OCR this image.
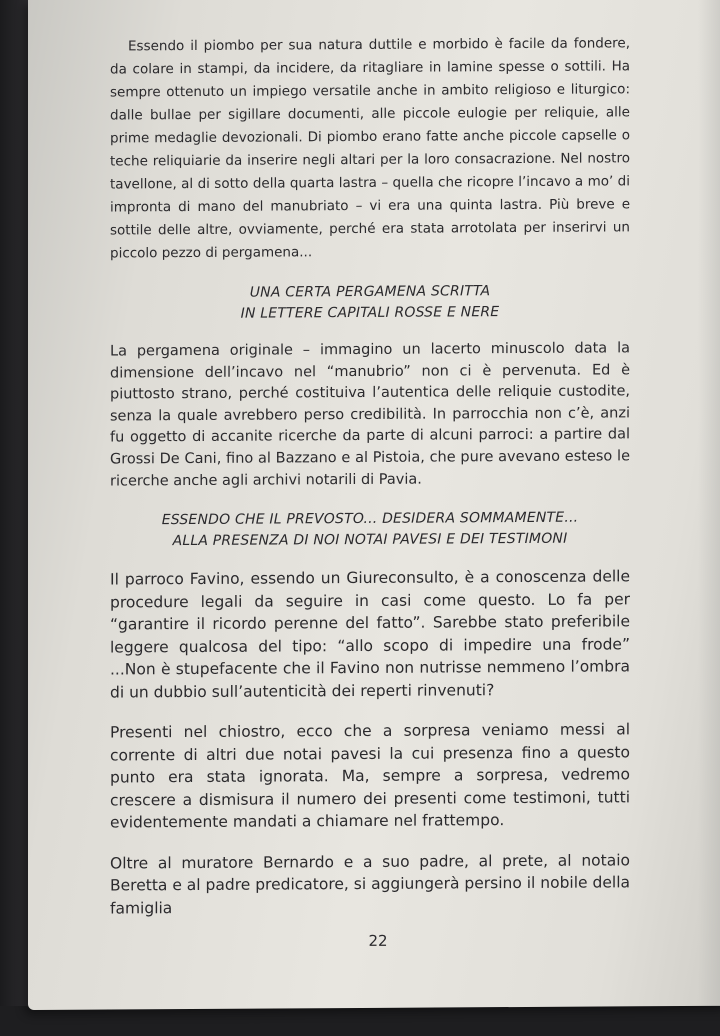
Essendo il piombo per sua natura duttile e morbido è facile da fondere, da colare in stampi, da incidere, da ritagliare in lamine spesse o sottili. Ha sempre ottenuto un impiego versatile anche in ambito religioso e liturgico: dalle bullae per sigillare documenti, alle piccole eulogie per reliquie, alle prime medaglie devozionali. Di piombo erano fatte anche piccole capselle o teche reliquiarie da inserire negli altari per la loro consacrazione. Nel nostro tavellone, al di sotto della quarta lastra – quella che ricopre l’incavo a mo’ di impronta di mano del manubriato – vi era una quinta lastra. Più breve e sottile delle altre, ovviamente, perché era stata arrotolata per inserirvi un piccolo pezzo di pergamena...

UNA CERTA PERGAMENA SCRITTA
IN LETTERE CAPITALI ROSSE E NERE

La pergamena originale – immagino un lacerto minuscolo data la dimensione dell’incavo nel “manubrio” non ci è pervenuta. Ed è piuttosto strano, perché costituiva l’autentica delle reliquie custodite, senza la quale avrebbero perso credibilità. In parrocchia non c’è, anzi fu oggetto di accanite ricerche da parte di alcuni parroci: a partire dal Grossi De Cani, fino al Bazzano e al Pistoia, che pure avevano esteso le ricerche anche agli archivi notarili di Pavia.

ESSENDO CHE IL PREVOSTO... DESIDERA SOMMAMENTE...
ALLA PRESENZA DI NOI NOTAI PAVESI E DEI TESTIMONI

Il parroco Favino, essendo un Giureconsulto, è a conoscenza delle procedure legali da seguire in casi come questo. Lo fa per “garantire il ricordo perenne del fatto”. Sarebbe stato preferibile leggere qualcosa del tipo: “allo scopo di impedire una frode” ...Non è stupefacente che il Favino non nutrisse nemmeno l’ombra di un dubbio sull’autenticità dei reperti rinvenuti?

Presenti nel chiostro, ecco che a sorpresa veniamo messi al corrente di altri due notai pavesi la cui presenza fino a questo punto era stata ignorata. Ma, sempre a sorpresa, vedremo crescere a dismisura il numero dei presenti come testimoni, tutti evidentemente mandati a chiamare nel frattempo.

Oltre al muratore Bernardo e a suo padre, al prete, al notaio Beretta e al padre predicatore, si aggiungerà persino il nobile della famiglia

22
